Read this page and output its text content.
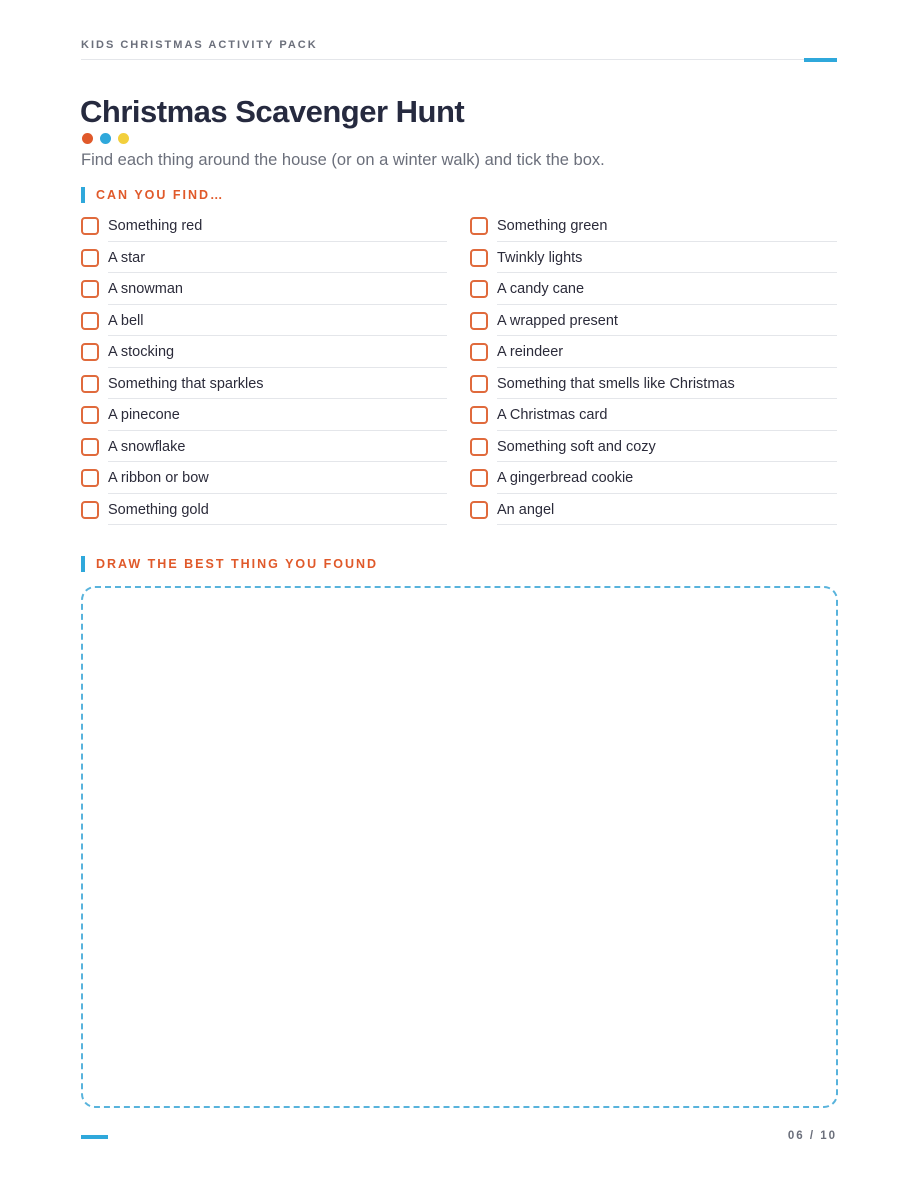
KIDS CHRISTMAS ACTIVITY PACK
Christmas Scavenger Hunt
Find each thing around the house (or on a winter walk) and tick the box.
CAN YOU FIND…
Something red
A star
A snowman
A bell
A stocking
Something that sparkles
A pinecone
A snowflake
A ribbon or bow
Something gold
Something green
Twinkly lights
A candy cane
A wrapped present
A reindeer
Something that smells like Christmas
A Christmas card
Something soft and cozy
A gingerbread cookie
An angel
DRAW THE BEST THING YOU FOUND
06 / 10
